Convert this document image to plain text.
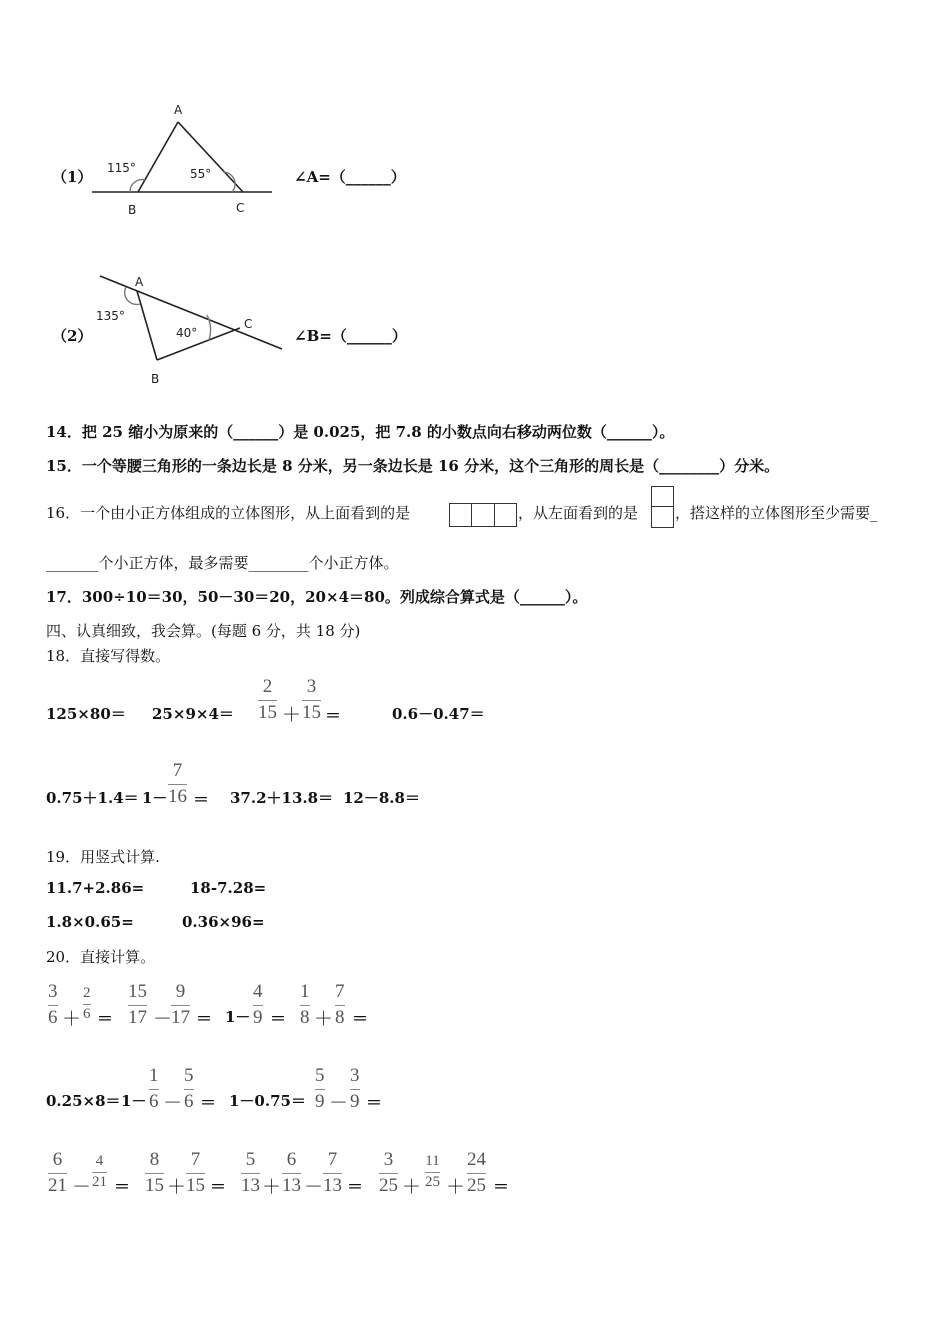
（1）
A
B	C
115°	55°	∠A=（______）
（2）
A
B
C
135°
40°	∠B=（______）
14．把 25 缩小为原来的（______）是 0.025，把 7.8 的小数点向右移动两位数（______）。
15．一个等腰三角形的一条边长是 8 分米，另一条边长是 16 分米，这个三角形的周长是（________）分米。
16．一个由小正方体组成的立体图形，从上面看到的是	，从左面看到的是 ，搭这样的立体图形至少需要_
_______个小正方体，最多需要________个小正方体。
17．300÷10＝30，50－30＝20，20×4＝80。列成综合算式是（______）。
四、认真细致，我会算。(每题 6 分，共 18 分)
18．直接写得数。
125×80＝ 25×9×4＝
2
15 ＋
3
15 ＝	0.6－0.47＝
0.75＋1.4＝ 1－
7
16 ＝ 37.2＋13.8＝ 12－8.8＝
19．用竖式计算.
11.7+2.86=	18-7.28=
1.8×0.65=	0.36×96=
20．直接计算。
3
6 ＋
2
6 ＝
15
17 －
9
17 ＝ 1－
4
9 ＝
1
8 ＋
7
8 ＝
0.25×8＝ 1－
1
6 －
5
6 ＝ 1－0.75＝
5
9 －
3
9 ＝
6
21 －
4
21 ＝
8
15 ＋
7
15 ＝
5
13 ＋
6
13 －
7
13 ＝
3
25 ＋
11
25 ＋
24
25 ＝
